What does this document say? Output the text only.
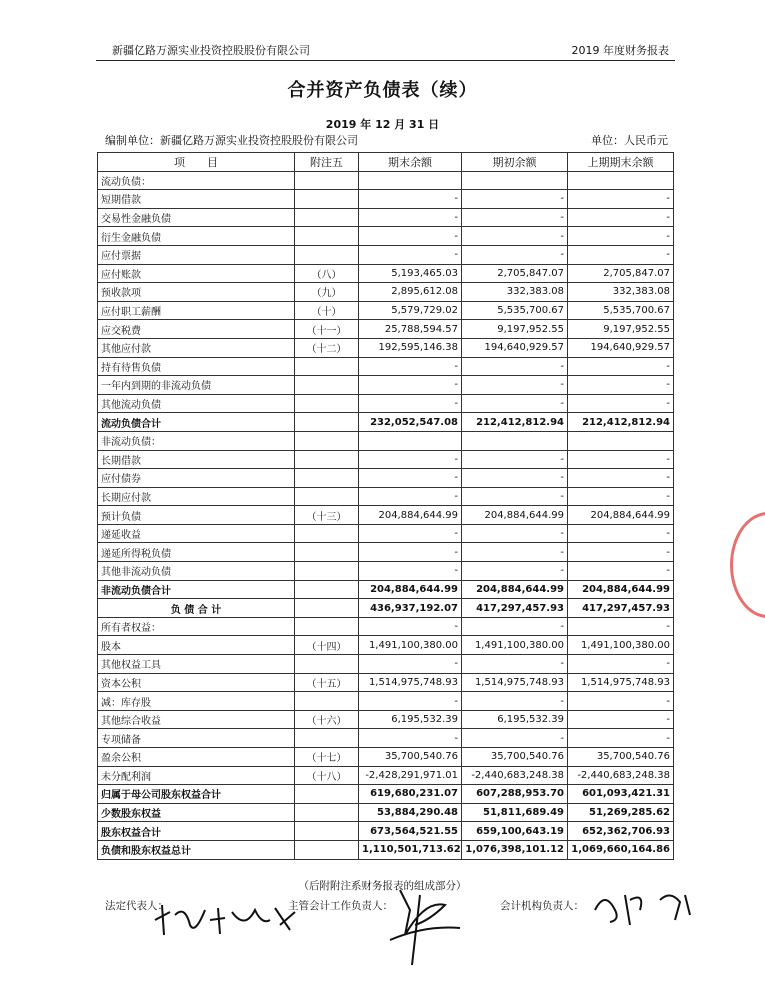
新疆亿路万源实业投资控股股份有限公司	2019 年度财务报表
合并资产负债表（续）
2019 年 12 月 31 日
编制单位：新疆亿路万源实业投资控股股份有限公司	单位：人民币元
项　　目	附注五	期末余额	期初余额	上期期末余额
流动负债：				
短期借款		-	-	-
交易性金融负债		-	-	-
衍生金融负债		-	-	-
应付票据		-	-	-
应付账款	（八）	5,193,465.03	2,705,847.07	2,705,847.07
预收款项	（九）	2,895,612.08	332,383.08	332,383.08
应付职工薪酬	（十）	5,579,729.02	5,535,700.67	5,535,700.67
应交税费	（十一）	25,788,594.57	9,197,952.55	9,197,952.55
其他应付款	（十二）	192,595,146.38	194,640,929.57	194,640,929.57
持有待售负债		-	-	-
一年内到期的非流动负债		-	-	-
其他流动负债		-	-	-
流动负债合计		232,052,547.08	212,412,812.94	212,412,812.94
非流动负债：				
长期借款		-	-	-
应付债券		-	-	-
长期应付款		-	-	-
预计负债	（十三）	204,884,644.99	204,884,644.99	204,884,644.99
递延收益		-	-	-
递延所得税负债		-	-	-
其他非流动负债		-	-	-
非流动负债合计		204,884,644.99	204,884,644.99	204,884,644.99
负 债 合 计		436,937,192.07	417,297,457.93	417,297,457.93
所有者权益：		-	-	-
股本	（十四）	1,491,100,380.00	1,491,100,380.00	1,491,100,380.00
其他权益工具		-	-	-
资本公积	（十五）	1,514,975,748.93	1,514,975,748.93	1,514,975,748.93
减：库存股		-	-	-
其他综合收益	（十六）	6,195,532.39	6,195,532.39	-
专项储备		-	-	-
盈余公积	（十七）	35,700,540.76	35,700,540.76	35,700,540.76
未分配利润	（十八）	-2,428,291,971.01	-2,440,683,248.38	-2,440,683,248.38
归属于母公司股东权益合计		619,680,231.07	607,288,953.70	601,093,421.31
少数股东权益		53,884,290.48	51,811,689.49	51,269,285.62
股东权益合计		673,564,521.55	659,100,643.19	652,362,706.93
负债和股东权益总计		1,110,501,713.62	1,076,398,101.12	1,069,660,164.86
（后附附注系财务报表的组成部分）
法定代表人：	主管会计工作负责人：	会计机构负责人：
